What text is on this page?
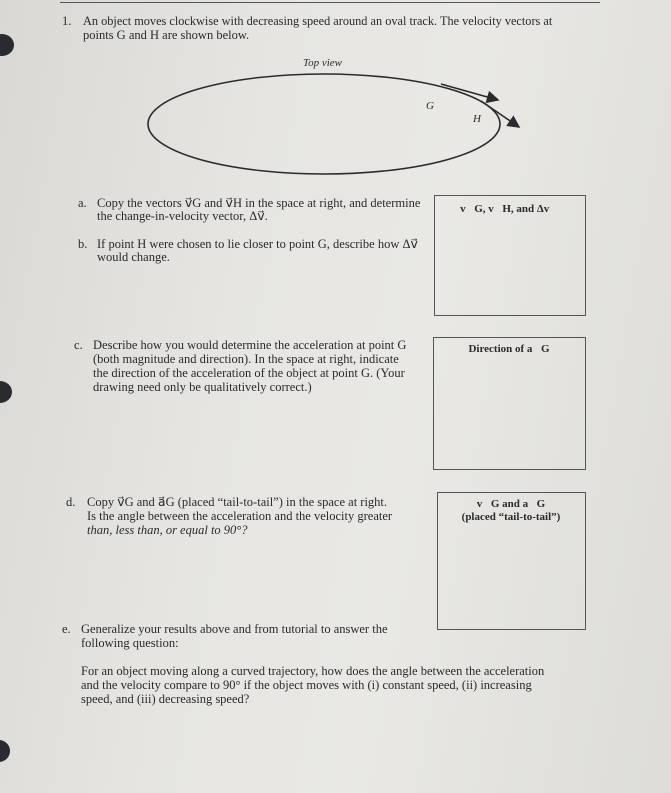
1. An object moves clockwise with decreasing speed around an oval track. The velocity vectors at
points G and H are shown below.
Top view
G
H
a. Copy the vectors v⃗G and v⃗H in the space at right, and determine
the change-in-velocity vector, Δv⃗.	v⃗G, v⃗H, and Δv⃗
b. If point H were chosen to lie closer to point G, describe how Δv⃗
would change.
c. Describe how you would determine the acceleration at point G
(both magnitude and direction). In the space at right, indicate
the direction of the acceleration of the object at point G. (Your
drawing need only be qualitatively correct.)
Direction of a⃗G
d. Copy v⃗G and a⃗G (placed “tail-to-tail”) in the space at right.
Is the angle between the acceleration and the velocity greater
than, less than, or equal to 90°?
v⃗G and a⃗G
(placed “tail-to-tail”)
e. Generalize your results above and from tutorial to answer the
following question:
For an object moving along a curved trajectory, how does the angle between the acceleration
and the velocity compare to 90° if the object moves with (i) constant speed, (ii) increasing
speed, and (iii) decreasing speed?
